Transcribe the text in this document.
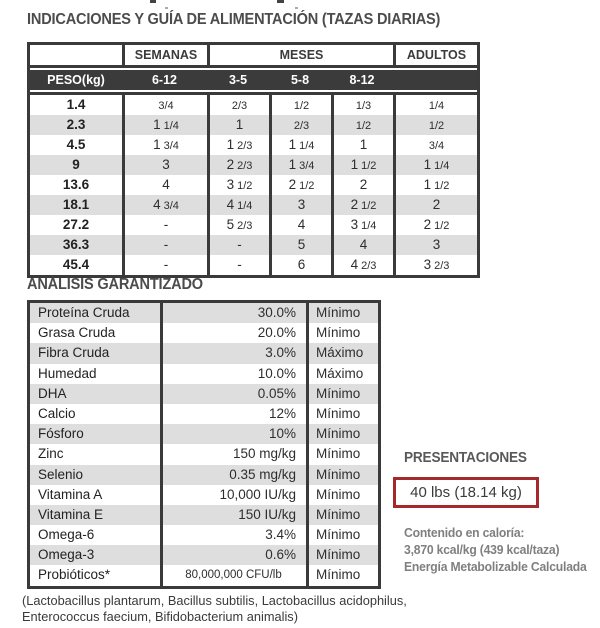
INDICACIONES Y GUÍA DE ALIMENTACIÓN (TAZAS DIARIAS)
SEMANAS	MESES	ADULTOS
PESO(kg)	6-12	3-5	5-8	8-12
1.4	3/4	2/3	1/2	1/3	1/4
2.3	1 1/4	1	2/3	1/2	1/2
4.5	1 3/4	1 2/3	1 1/4	1	3/4
9	3	2 2/3	1 3/4	1 1/2	1 1/4
13.6	4	3 1/2	2 1/2	2	1 1/2
18.1	4 3/4	4 1/4	3	2 1/2	2
27.2	-	5 2/3	4	3 1/4	2 1/2
36.3	-	-	5	4	3
45.4	-	-	6	4 2/3	3 2/3
ANÁLISIS GARANTIZADO
Proteína Cruda	30.0%	Mínimo
Grasa Cruda	20.0%	Mínimo
Fibra Cruda	3.0%	Máximo
Humedad	10.0%	Máximo
DHA	0.05%	Mínimo
Calcio	12%	Mínimo
Fósforo	10%	Mínimo
Zinc	150 mg/kg	Mínimo
Selenio	0.35 mg/kg	Mínimo
Vitamina A	10,000 IU/kg	Mínimo
Vitamina E	150 IU/kg	Mínimo
Omega-6	3.4%	Mínimo
Omega-3	0.6%	Mínimo
Probióticos*	80,000,000 CFU/lb	Mínimo
(Lactobacillus plantarum, Bacillus subtilis, Lactobacillus acidophilus,
Enterococcus faecium, Bifidobacterium animalis)
PRESENTACIONES
40 lbs (18.14 kg)
Contenido en caloría:
3,870 kcal/kg (439 kcal/taza)
Energía Metabolizable Calculada
